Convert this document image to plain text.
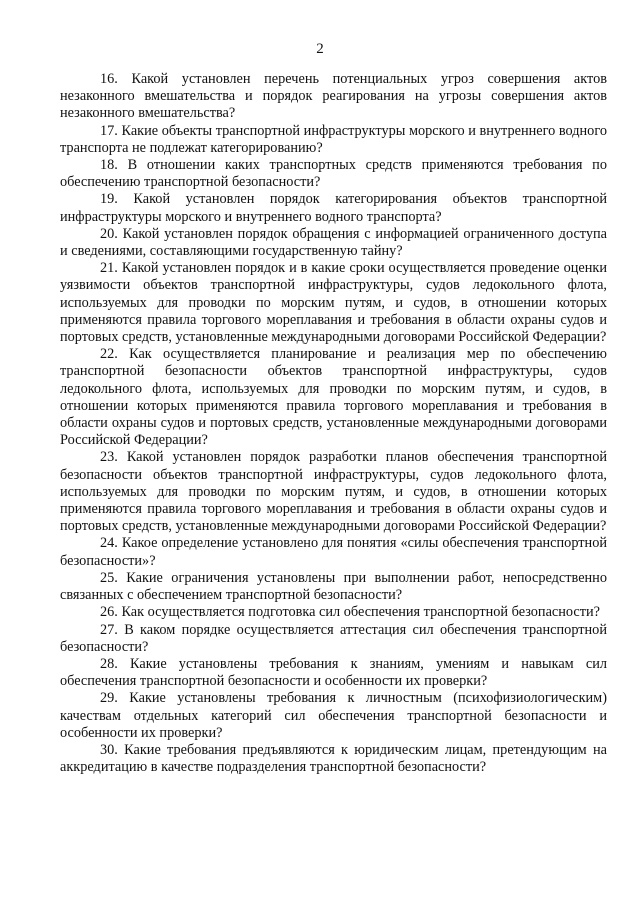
2

16. Какой установлен перечень потенциальных угроз совершения актов незаконного вмешательства и порядок реагирования на угрозы совершения актов незаконного вмешательства?

17. Какие объекты транспортной инфраструктуры морского и внутреннего водного транспорта не подлежат категорированию?

18. В отношении каких транспортных средств применяются требования по обеспечению транспортной безопасности?

19. Какой установлен порядок категорирования объектов транспортной инфраструктуры морского и внутреннего водного транспорта?

20. Какой установлен порядок обращения с информацией ограниченного доступа и сведениями, составляющими государственную тайну?

21. Какой установлен порядок и в какие сроки осуществляется проведение оценки уязвимости объектов транспортной инфраструктуры, судов ледокольного флота, используемых для проводки по морским путям, и судов, в отношении которых применяются правила торгового мореплавания и требования в области охраны судов и портовых средств, установленные международными договорами Российской Федерации?

22. Как осуществляется планирование и реализация мер по обеспечению транспортной безопасности объектов транспортной инфраструктуры, судов ледокольного флота, используемых для проводки по морским путям, и судов, в отношении которых применяются правила торгового мореплавания и требования в области охраны судов и портовых средств, установленные международными договорами Российской Федерации?

23. Какой установлен порядок разработки планов обеспечения транспортной безопасности объектов транспортной инфраструктуры, судов ледокольного флота, используемых для проводки по морским путям, и судов, в отношении которых применяются правила торгового мореплавания и требования в области охраны судов и портовых средств, установленные международными договорами Российской Федерации?

24. Какое определение установлено для понятия «силы обеспечения транспортной безопасности»?

25. Какие ограничения установлены при выполнении работ, непосредственно связанных с обеспечением транспортной безопасности?

26. Как осуществляется подготовка сил обеспечения транспортной безопасности?

27. В каком порядке осуществляется аттестация сил обеспечения транспортной безопасности?

28. Какие установлены требования к знаниям, умениям и навыкам сил обеспечения транспортной безопасности и особенности их проверки?

29. Какие установлены требования к личностным (психофизиологическим) качествам отдельных категорий сил обеспечения транспортной безопасности и особенности их проверки?

30. Какие требования предъявляются к юридическим лицам, претендующим на аккредитацию в качестве подразделения транспортной безопасности?
